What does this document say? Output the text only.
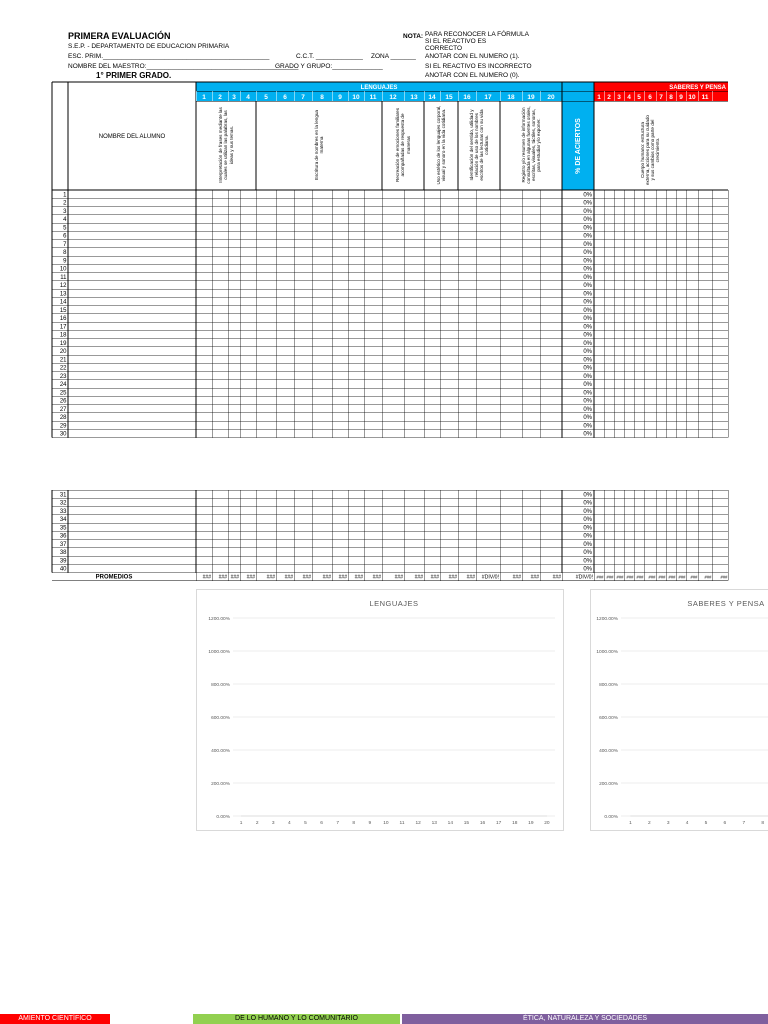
PRIMERA EVALUACIÓN
S.E.P. - DEPARTAMENTO DE EDUCACION PRIMARIA
ESC. PRIM.______________________________________________	C.C.T. _____________ ZONA _______
NOMBRE DEL MAESTRO:__________________________________________
GRADO Y GRUPO:______________
1° PRIMER GRADO.
NOTA: PARA RECONOCER LA FÓRMULA
SI EL REACTIVO ES
CORRECTO
ANOTAR CON EL NUMERO (1).
SI EL REACTIVO ES INCORRECTO
ANOTAR CON EL NUMERO (0).
LENGUAJES	SABERES Y PENSA
% DE ACIERTOS
1 2 3 4 5 6 7 8 9 10 11 12 13 14 15 16 17 18 19 20	1 2 3 4 5 6 7 8 9 10 11
NOMBRE DEL ALUMNO	Interpretación de frases mediante las cuales se utilizan las palabras, las ideas y sus temas.	Escritura de nombres en la lengua materna	Recreación de emociones familiares acompañadas de respuesta de maneras	Uso estético de los lenguajes corporal, visual y sonoro en la vida cotidiana.	Identificación del sentido, utilidad y relación de uso de los nombres escritos de las lecturas con su vida cotidiana.	Registro y/o resumen de información consultada en algunas fuentes orales, escritas, visuales, táctiles, sonoras, para estudiar y/o exponer.	Cuerpo humano: estructura externa, acciones para su cuidado y sus cambios como parte del crecimiento.
1	0%
2	0%
3	0%
4	0%
5	0%
6	0%
7	0%
8	0%
9	0%
10	0%
11	0%
12	0%
13	0%
14	0%
15	0%
16	0%
17	0%
18	0%
19	0%
20	0%
21	0%
22	0%
23	0%
24	0%
25	0%
26	0%
27	0%
28	0%
29	0%
30	0%
31	0%
32	0%
33	0%
34	0%
35	0%
36	0%
37	0%
38	0%
39	0%
40	0%
PROMEDIOS	### ### ### ### ### ### ### ### ### ### ###	### ### ### ### ### #DIV/0!	### ###	###	#DIV/0! ### ### ### ### ### ### ### ### ### ### ### ###
LENGUAJES
0.00%
200.00%
400.00%
600.00%
800.00%
1000.00%
1200.00%
1	2	3	4	5	6	7	8	9	10 11 12 13 14 15 16 17 18 19 20
SABERES Y PENSA
0.00%
200.00%
400.00%
600.00%
800.00%
1000.00%
1200.00%
1	2	3	4	5	6	7	8
AMIENTO CIENTÍFICO	DE LO HUMANO Y LO COMUNITARIO	ÉTICA, NATURALEZA Y SOCIEDADES
